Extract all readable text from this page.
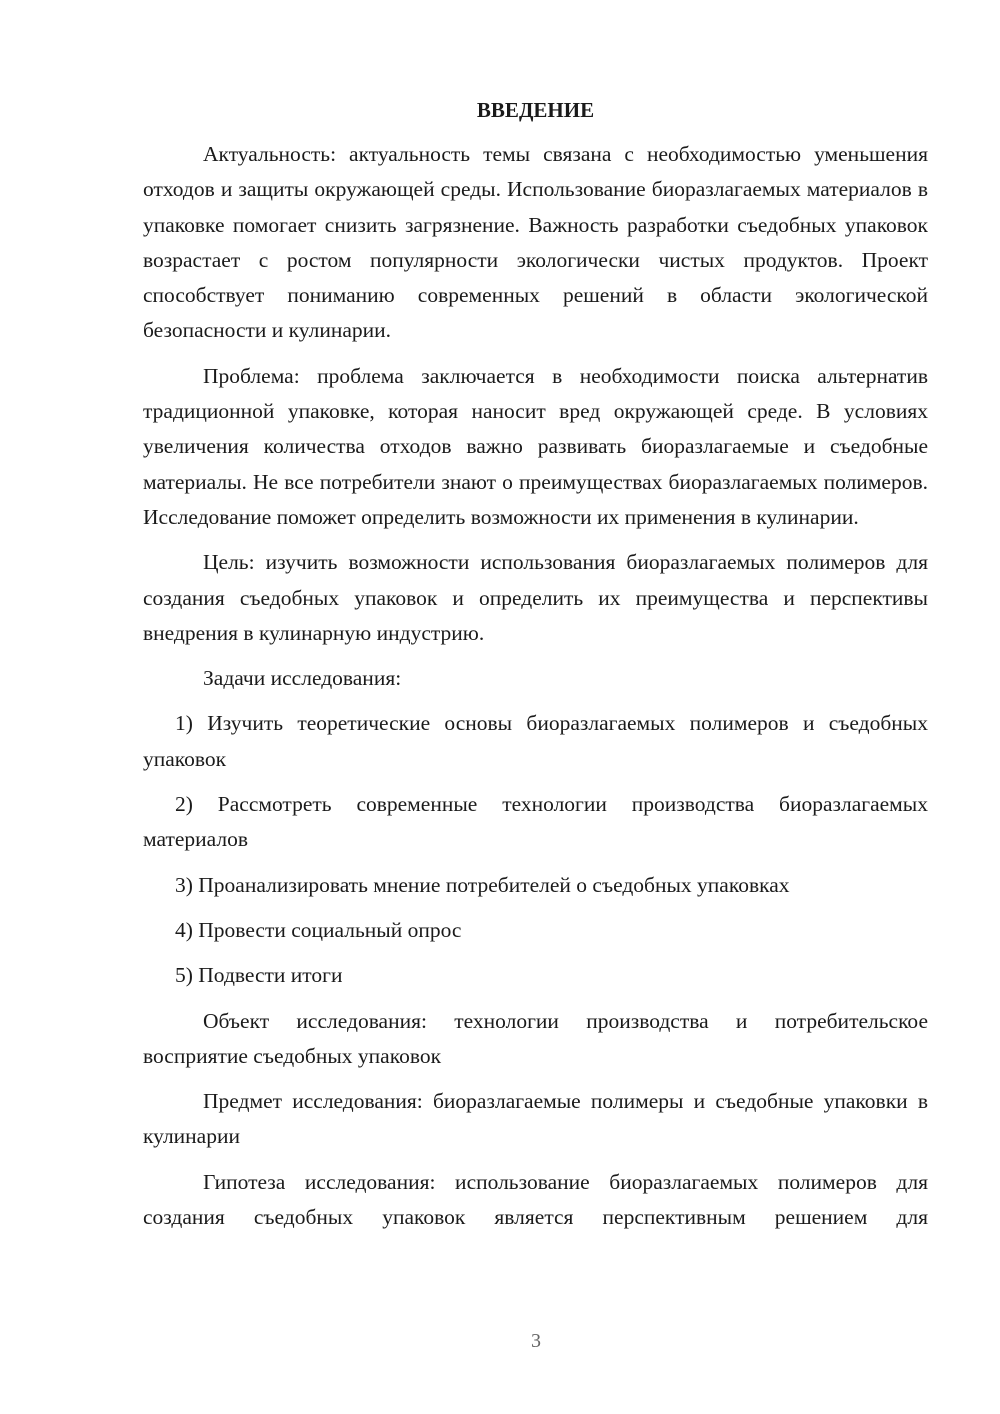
ВВЕДЕНИЕ
Актуальность: актуальность темы связана с необходимостью уменьшения отходов и защиты окружающей среды. Использование биоразлагаемых материалов в упаковке помогает снизить загрязнение. Важность разработки съедобных упаковок возрастает с ростом популярности экологически чистых продуктов. Проект способствует пониманию современных решений в области экологической безопасности и кулинарии.
Проблема: проблема заключается в необходимости поиска альтернатив традиционной упаковке, которая наносит вред окружающей среде. В условиях увеличения количества отходов важно развивать биоразлагаемые и съедобные материалы. Не все потребители знают о преимуществах биоразлагаемых полимеров. Исследование поможет определить возможности их применения в кулинарии.
Цель: изучить возможности использования биоразлагаемых полимеров для создания съедобных упаковок и определить их преимущества и перспективы внедрения в кулинарную индустрию.
Задачи исследования:
1) Изучить теоретические основы биоразлагаемых полимеров и съедобных упаковок
2) Рассмотреть современные технологии производства биоразлагаемых материалов
3) Проанализировать мнение потребителей о съедобных упаковках
4) Провести социальный опрос
5) Подвести итоги
Объект исследования: технологии производства и потребительское восприятие съедобных упаковок
Предмет исследования: биоразлагаемые полимеры и съедобные упаковки в кулинарии
Гипотеза исследования: использование биоразлагаемых полимеров для создания съедобных упаковок является перспективным решением для
3
